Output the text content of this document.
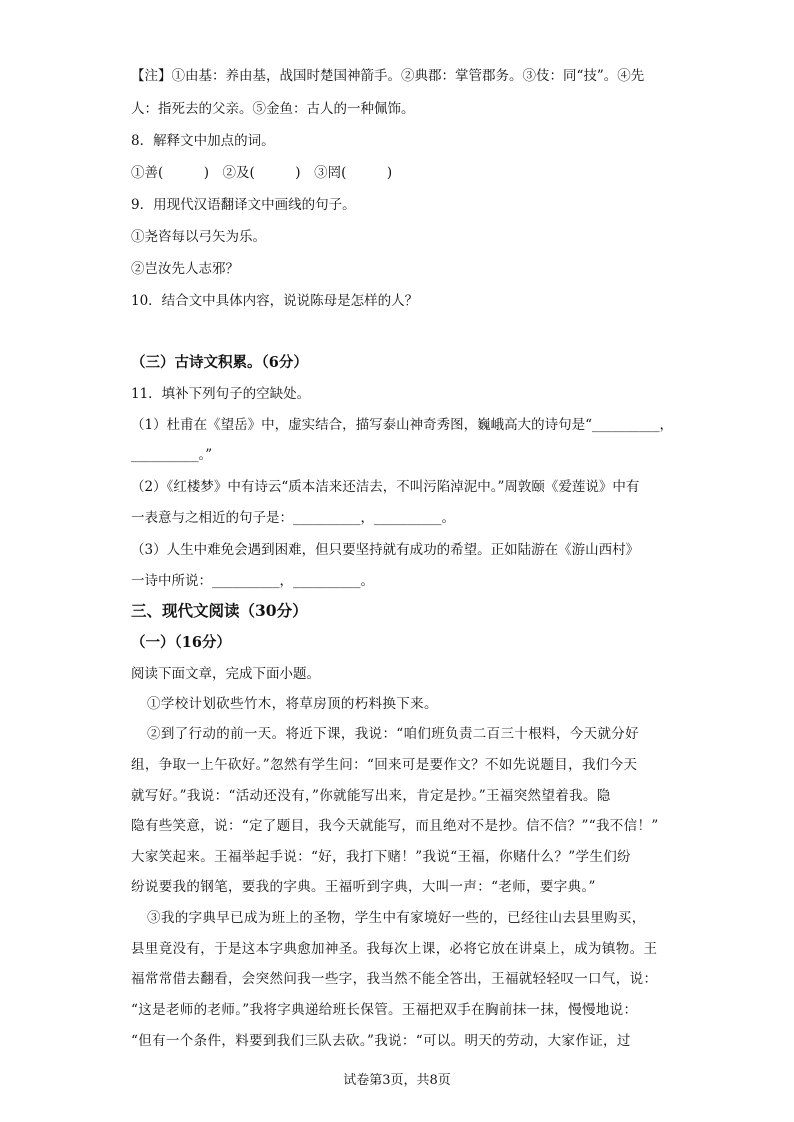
【注】①由基：养由基，战国时楚国神箭手。②典郡：掌管郡务。③伎：同“技”。④先
人：指死去的父亲。⑤金鱼：古人的一种佩饰。
8．解释文中加点的词。
①善(　　　)　②及(　　　)　③罔(　　　)
9．用现代汉语翻译文中画线的句子。
①尧咨每以弓矢为乐。
②岂汝先人志邪？
10．结合文中具体内容，说说陈母是怎样的人？
（三）古诗文积累。（6分）
11．填补下列句子的空缺处。
（1）杜甫在《望岳》中，虚实结合，描写泰山神奇秀图，巍峨高大的诗句是“__________，
__________。”
（2）《红楼梦》中有诗云“质本洁来还洁去，不叫污陷淖泥中。”周敦颐《爱莲说》中有
一表意与之相近的句子是：__________，__________。
（3）人生中难免会遇到困难，但只要坚持就有成功的希望。正如陆游在《游山西村》
一诗中所说：__________，__________。
三、现代文阅读（30分）
（一）（16分）
阅读下面文章，完成下面小题。
①学校计划砍些竹木，将草房顶的朽料换下来。
②到了行动的前一天。将近下课，我说：“咱们班负责二百三十根料，今天就分好
组，争取一上午砍好。”忽然有学生问：“回来可是要作文？不如先说题目，我们今天
就写好。”我说：“活动还没有，”你就能写出来，肯定是抄。”王福突然望着我。隐
隐有些笑意，说：“定了题目，我今天就能写，而且绝对不是抄。信不信？”“我不信！”
大家笑起来。王福举起手说：“好，我打下赌！”我说“王福，你赌什么？”学生们纷
纷说要我的钢笔，要我的字典。王福听到字典，大叫一声：“老师，要字典。”
③我的字典早已成为班上的圣物，学生中有家境好一些的，已经往山去县里购买，
县里竟没有，于是这本字典愈加神圣。我每次上课，必将它放在讲桌上，成为镇物。王
福常常借去翻看，会突然问我一些字，我当然不能全答出，王福就轻轻叹一口气，说：
“这是老师的老师。”我将字典递给班长保管。王福把双手在胸前抹一抹，慢慢地说：
“但有一个条件，料要到我们三队去砍。”我说：“可以。明天的劳动，大家作证，过
试卷第3页，共8页
